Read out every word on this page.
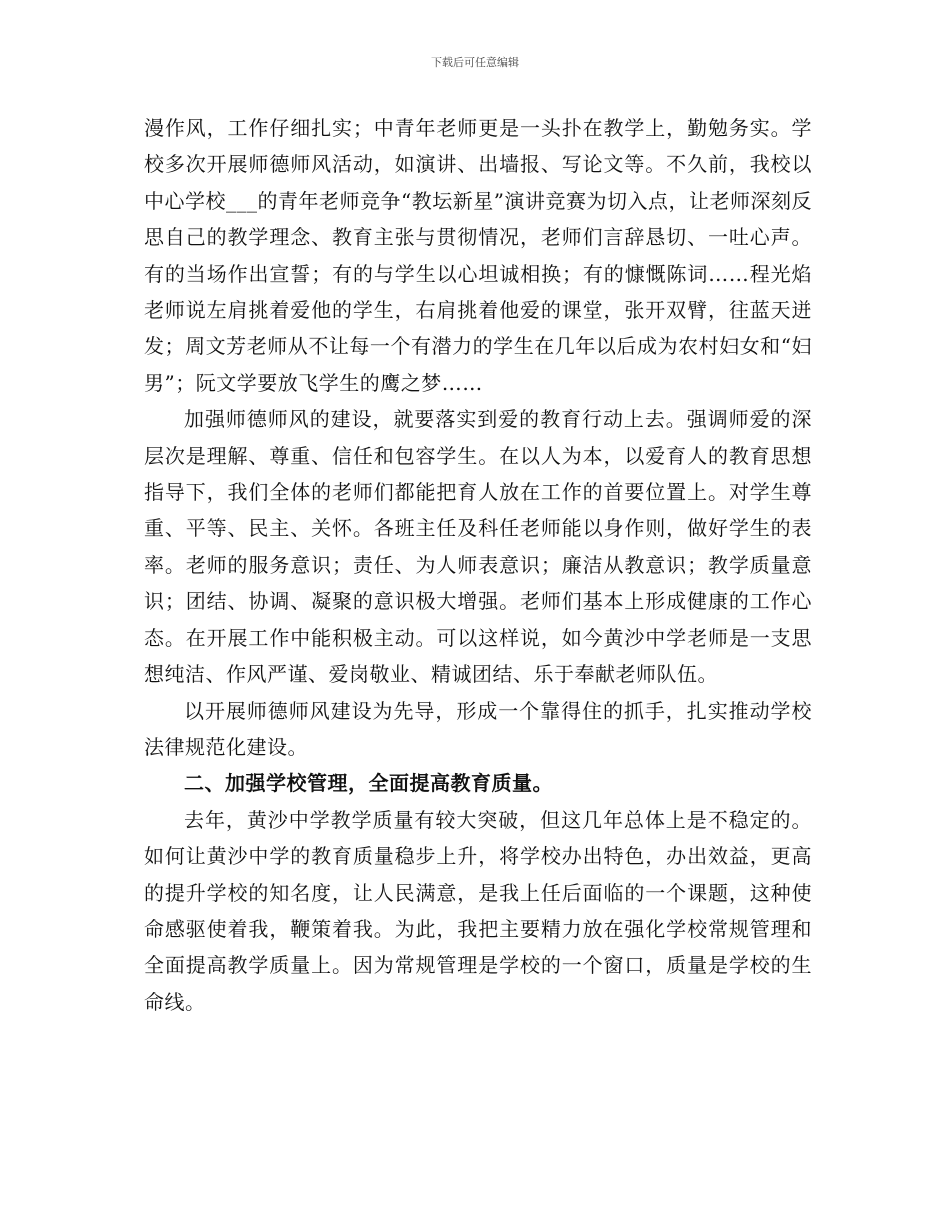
下载后可任意编辑

漫作风，工作仔细扎实；中青年老师更是一头扑在教学上，勤勉务实。学校多次开展师德师风活动，如演讲、出墙报、写论文等。不久前，我校以中心学校___的青年老师竞争“教坛新星”演讲竞赛为切入点，让老师深刻反思自己的教学理念、教育主张与贯彻情况，老师们言辞恳切、一吐心声。有的当场作出宣誓；有的与学生以心坦诚相换；有的慷慨陈词……程光焰老师说左肩挑着爱他的学生，右肩挑着他爱的课堂，张开双臂，往蓝天迸发；周文芳老师从不让每一个有潜力的学生在几年以后成为农村妇女和“妇男”；阮文学要放飞学生的鹰之梦……

加强师德师风的建设，就要落实到爱的教育行动上去。强调师爱的深层次是理解、尊重、信任和包容学生。在以人为本，以爱育人的教育思想指导下，我们全体的老师们都能把育人放在工作的首要位置上。对学生尊重、平等、民主、关怀。各班主任及科任老师能以身作则，做好学生的表率。老师的服务意识；责任、为人师表意识；廉洁从教意识；教学质量意识；团结、协调、凝聚的意识极大增强。老师们基本上形成健康的工作心态。在开展工作中能积极主动。可以这样说，如今黄沙中学老师是一支思想纯洁、作风严谨、爱岗敬业、精诚团结、乐于奉献老师队伍。

以开展师德师风建设为先导，形成一个靠得住的抓手，扎实推动学校法律规范化建设。

二、加强学校管理，全面提高教育质量。

去年，黄沙中学教学质量有较大突破，但这几年总体上是不稳定的。如何让黄沙中学的教育质量稳步上升，将学校办出特色，办出效益，更高的提升学校的知名度，让人民满意，是我上任后面临的一个课题，这种使命感驱使着我，鞭策着我。为此，我把主要精力放在强化学校常规管理和全面提高教学质量上。因为常规管理是学校的一个窗口，质量是学校的生命线。
